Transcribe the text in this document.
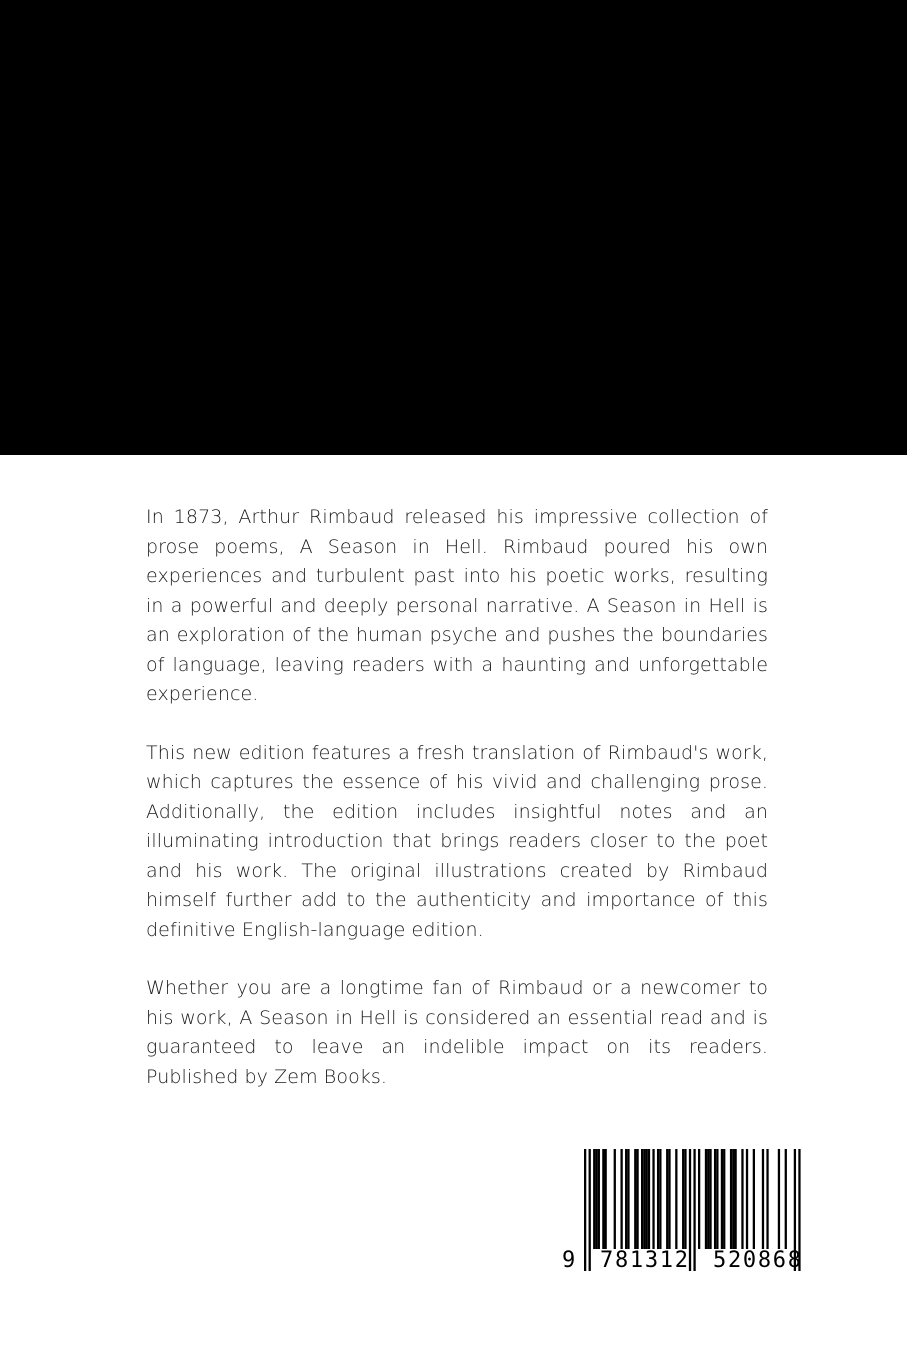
In 1873, Arthur Rimbaud released his impressive collection of prose poems, A Season in Hell. Rimbaud poured his own experiences and turbulent past into his poetic works, resulting in a powerful and deeply personal narrative. A Season in Hell is an exploration of the human psyche and pushes the boundaries of language, leaving readers with a haunting and unforgettable experience.

This new edition features a fresh translation of Rimbaud's work, which captures the essence of his vivid and challenging prose. Additionally, the edition includes insightful notes and an illuminating introduction that brings readers closer to the poet and his work. The original illustrations created by Rimbaud himself further add to the authenticity and importance of this definitive English-language edition.

Whether you are a longtime fan of Rimbaud or a newcomer to his work, A Season in Hell is considered an essential read and is guaranteed to leave an indelible impact on its readers. Published by Zem Books.

9 781312 520868
